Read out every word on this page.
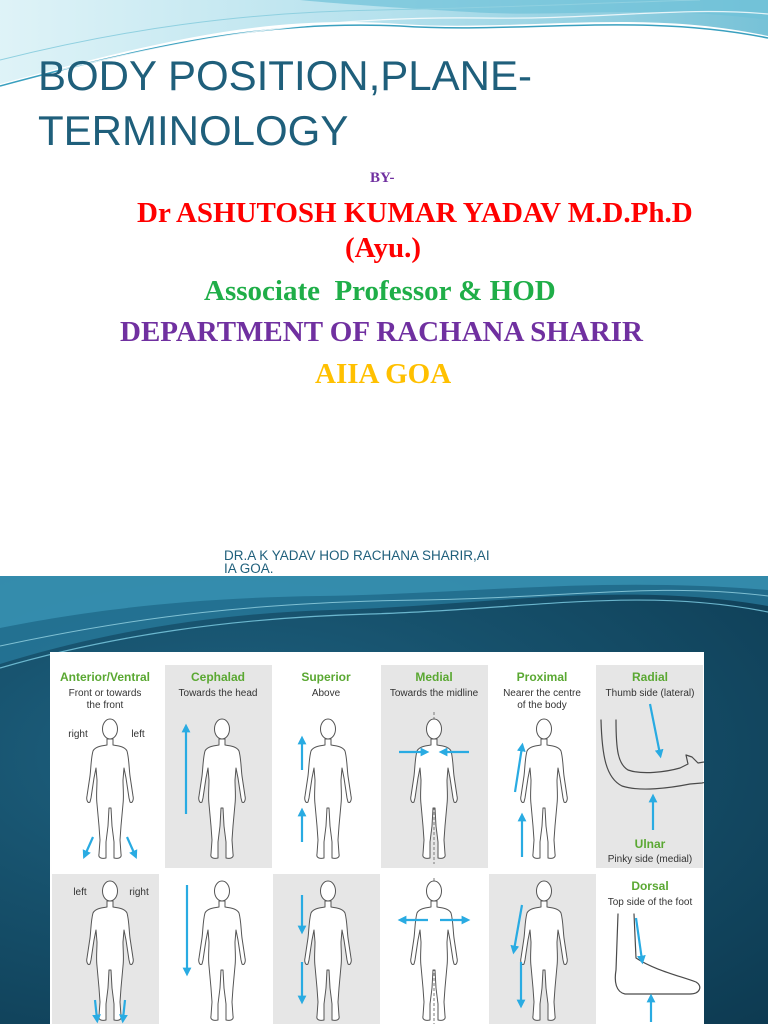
BODY POSITION,PLANE-
TERMINOLOGY
BY-
Dr ASHUTOSH KUMAR YADAV M.D.Ph.D
(Ayu.)
Associate  Professor & HOD
DEPARTMENT OF RACHANA SHARIR
AIIA GOA
DR.A K YADAV HOD RACHANA SHARIR,AI
IA GOA.
Anterior/Ventral
Front or towards
the front
Cephalad
Towards the head
Superior
Above
Medial
Towards the midline
Proximal
Nearer the centre
of the body
Radial
Thumb side (lateral)
right	left
Ulnar
Pinky side (medial)
left	right	Dorsal
Top side of the foot
